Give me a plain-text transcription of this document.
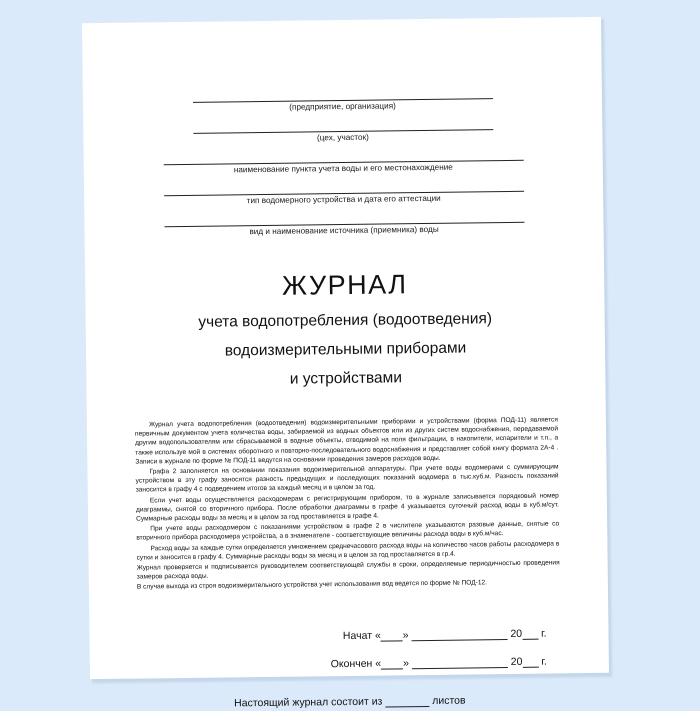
(предприятие, организация)
(цех, участок)
наименование пункта учета воды и его местонахождение
тип водомерного устройства и дата его аттестации
вид и наименование источника (приемника) воды
ЖУРНАЛ
учета водопотребления (водоотведения)
водоизмерительными приборами
и устройствами

Журнал учета водопотребления (водоотведения) водоизмерительными приборами и устройствами (форма ПОД-11) является первичным документом учета количества воды, забираемой из водных объектов или из других систем водоснабжения, передаваемой другим водопользователям или сбрасываемой в водные объекты, отводимой на поля фильтрации, в накопители, испарители и т.п., а также используе мой в системах оборотного и повторно-последовательного водоснабжения и представляет собой книгу формата 2А-4 . Записи в журнале по форме № ПОД-11 ведутся на основании проведения замеров расходов воды.

Графа 2 заполняется на основании показания водоизмерительной аппаратуры. При учете воды водомерами с суммирующим устройством в эту графу заносятся разность предыдущих и последующих показаний водомера в тыс.куб.м. Разность показаний заносится в графу 4 с подведением итогов за каждый месяц и в целом за год.

Если учет воды осуществляется расходомерам с регистрирующим прибором, то в журнале записывается порядковый номер диаграммы, снятой со вторичного прибора. После обработки диаграммы в графе 4 указывается суточный расход воды в куб.м/сут. Суммарные расходы воды за месяц и в целом за год проставляется в графе 4.

При учете воды расходомером с показаниями устройством в графе 2 в числителе указываются разовые данные, снятые со вторичного прибора расходомера устройства, а в знаменателе - соответствующие величины расхода воды в куб.м/час.

Расход воды за каждые сутки определяется умножением среднечасового расхода воды на количество часов работы расходомера в сутки и заносится в графу 4. Суммарные расходы воды за месяц и в целом за год проставляется в гр.4.

Журнал проверяется и подписывается руководителем соответствующей службы в сроки, определяемые периодичностью проведения замеров расхода воды.

В случае выхода из строя водоизмерительного устройства учет использования вод ведется по форме № ПОД-12.

Начат « »	20 г.
Окончен « »	20 г.
Настоящий журнал состоит из	листов
